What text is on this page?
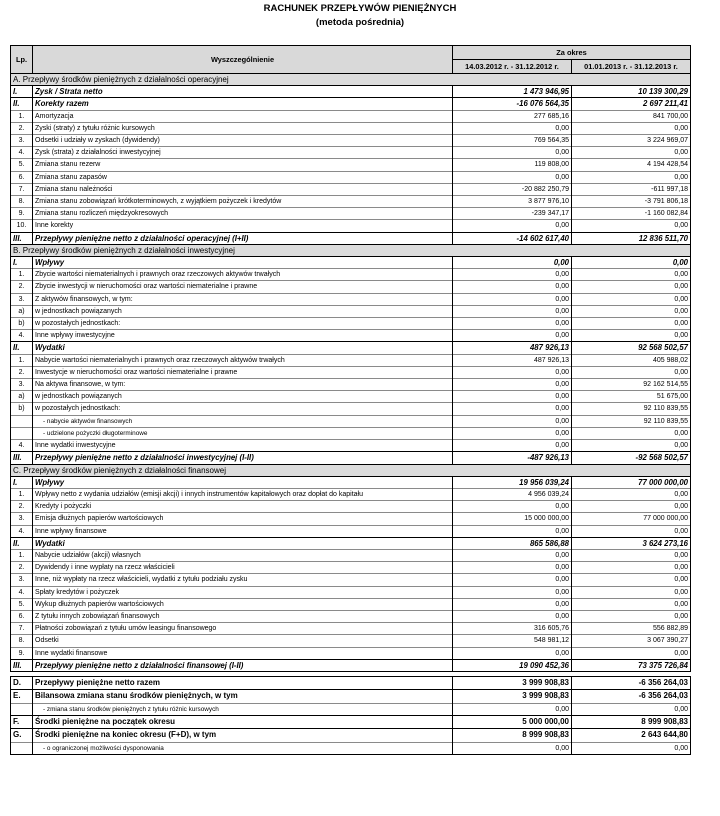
RACHUNEK PRZEPŁYWÓW PIENIĘŻNYCH
(metoda pośrednia)
Lp.	Wyszczególnienie	Za okres	
		14.03.2012 r. - 31.12.2012 r.	01.01.2013 r. - 31.12.2013 r.
A. Przepływy środków pieniężnych z działalności operacyjnej			
I.	Zysk / Strata netto	1 473 946,95	10 139 300,29
II.	Korekty razem	-16 076 564,35	2 697 211,41
1.	Amortyzacja	277 685,16	841 700,00
2.	Zyski (straty) z tytułu różnic kursowych	0,00	0,00
3.	Odsetki i udziały w zyskach (dywidendy)	769 564,35	3 224 969,07
4.	Zysk (strata) z działalności inwestycyjnej	0,00	0,00
5.	Zmiana stanu rezerw	119 808,00	4 194 428,54
6.	Zmiana stanu zapasów	0,00	0,00
7.	Zmiana stanu należności	-20 882 250,79	-611 997,18
8.	Zmiana stanu zobowiązań krótkoterminowych, z wyjątkiem pożyczek i kredytów	3 877 976,10	-3 791 806,18
9.	Zmiana stanu rozliczeń międzyokresowych	-239 347,17	-1 160 082,84
10.	Inne korekty	0,00	0,00
III.	Przepływy pieniężne netto z działalności operacyjnej (I+II)	-14 602 617,40	12 836 511,70
B. Przepływy środków pieniężnych z działalności inwestycyjnej			
I.	Wpływy	0,00	0,00
1.	Zbycie wartości niematerialnych i prawnych oraz rzeczowych aktywów trwałych	0,00	0,00
2.	Zbycie inwestycji w nieruchomości oraz wartości niematerialne i prawne	0,00	0,00
3.	Z aktywów finansowych, w tym:	0,00	0,00
a)	w jednostkach powiązanych	0,00	0,00
b)	w pozostałych jednostkach:	0,00	0,00
4.	Inne wpływy inwestycyjne	0,00	0,00
II.	Wydatki	487 926,13	92 568 502,57
1.	Nabycie wartości niematerialnych i prawnych oraz rzeczowych aktywów trwałych	487 926,13	405 988,02
2.	Inwestycje w nieruchomości oraz wartości niematerialne i prawne	0,00	0,00
3.	Na aktywa finansowe, w tym:	0,00	92 162 514,55
a)	w jednostkach powiązanych	0,00	51 675,00
b)	w pozostałych jednostkach:	0,00	92 110 839,55
	- nabycie aktywów finansowych	0,00	92 110 839,55
	- udzielone pożyczki długoterminowe	0,00	0,00
4.	Inne wydatki inwestycyjne	0,00	0,00
III.	Przepływy pieniężne netto z działalności inwestycyjnej (I-II)	-487 926,13	-92 568 502,57
C. Przepływy środków pieniężnych z działalności finansowej			
I.	Wpływy	19 956 039,24	77 000 000,00
1.	Wpływy netto z wydania udziałów (emisji akcji) i innych instrumentów kapitałowych oraz dopłat do kapitału	4 956 039,24	0,00
2.	Kredyty i pożyczki	0,00	0,00
3.	Emisja dłużnych papierów wartościowych	15 000 000,00	77 000 000,00
4.	Inne wpływy finansowe	0,00	0,00
II.	Wydatki	865 586,88	3 624 273,16
1.	Nabycie udziałów (akcji) własnych	0,00	0,00
2.	Dywidendy i inne wypłaty na rzecz właścicieli	0,00	0,00
3.	Inne, niż wypłaty na rzecz właścicieli, wydatki z tytułu podziału zysku	0,00	0,00
4.	Spłaty kredytów i pożyczek	0,00	0,00
5.	Wykup dłużnych papierów wartościowych	0,00	0,00
6.	Z tytułu innych zobowiązań finansowych	0,00	0,00
7.	Płatności zobowiązań z tytułu umów leasingu finansowego	316 605,76	556 882,89
8.	Odsetki	548 981,12	3 067 390,27
9.	Inne wydatki finansowe	0,00	0,00
III.	Przepływy pieniężne netto z działalności finansowej (I-II)	19 090 452,36	73 375 726,84

D.	Przepływy pieniężne netto razem	3 999 908,83	-6 356 264,03
E.	Bilansowa zmiana stanu środków pieniężnych, w tym	3 999 908,83	-6 356 264,03
	- zmiana stanu środków pieniężnych z tytułu różnic kursowych	0,00	0,00
F.	Środki pieniężne na początek okresu	5 000 000,00	8 999 908,83
G.	Środki pieniężne na koniec okresu (F+D), w tym	8 999 908,83	2 643 644,80
	- o ograniczonej możliwości dysponowania	0,00	0,00
